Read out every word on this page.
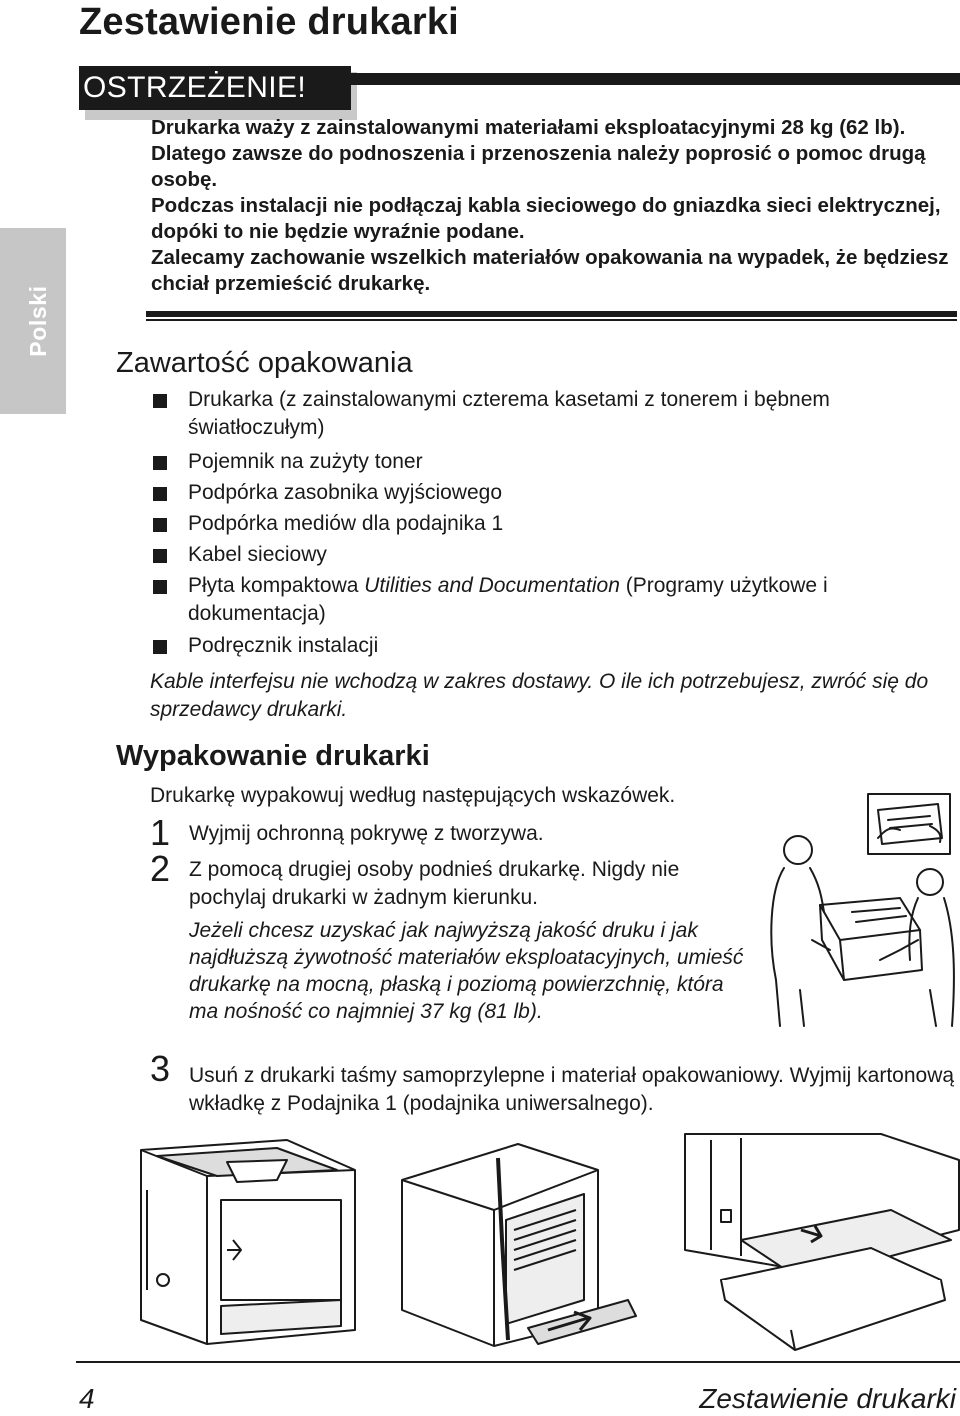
Zestawienie drukarki
OSTRZEŻENIE!

Drukarka waży z zainstalowanymi materiałami eksploatacyjnymi 28 kg (62 lb). Dlatego zawsze do podnoszenia i przenoszenia należy poprosić o pomoc drugą osobę.

Podczas instalacji nie podłączaj kabla sieciowego do gniazdka sieci elektrycznej, dopóki to nie będzie wyraźnie podane.

Zalecamy zachowanie wszelkich materiałów opakowania na wypadek, że będziesz chciał przemieścić drukarkę.

Polski
Zawartość opakowania
Drukarka (z zainstalowanymi czterema kasetami z tonerem i bębnem światłoczułym)
Pojemnik na zużyty toner
Podpórka zasobnika wyjściowego
Podpórka mediów dla podajnika 1
Kabel sieciowy
Płyta kompaktowa Utilities and Documentation (Programy użytkowe i dokumentacja)
Podręcznik instalacji
Kable interfejsu nie wchodzą w zakres dostawy. O ile ich potrzebujesz, zwróć się do sprzedawcy drukarki.
Wypakowanie drukarki
Drukarkę wypakowuj według następujących wskazówek.
1 Wyjmij ochronną pokrywę z tworzywa.
2 Z pomocą drugiej osoby podnieś drukarkę. Nigdy nie pochylaj drukarki w żadnym kierunku.
Jeżeli chcesz uzyskać jak najwyższą jakość druku i jak najdłuższą żywotność materiałów eksploatacyjnych, umieść drukarkę na mocną, płaską i poziomą powierzchnię, która ma nośność co najmniej 37 kg (81 lb).
3 Usuń z drukarki taśmy samoprzylepne i materiał opakowaniowy. Wyjmij kartonową wkładkę z Podajnika 1 (podajnika uniwersalnego).
4	Zestawienie drukarki
